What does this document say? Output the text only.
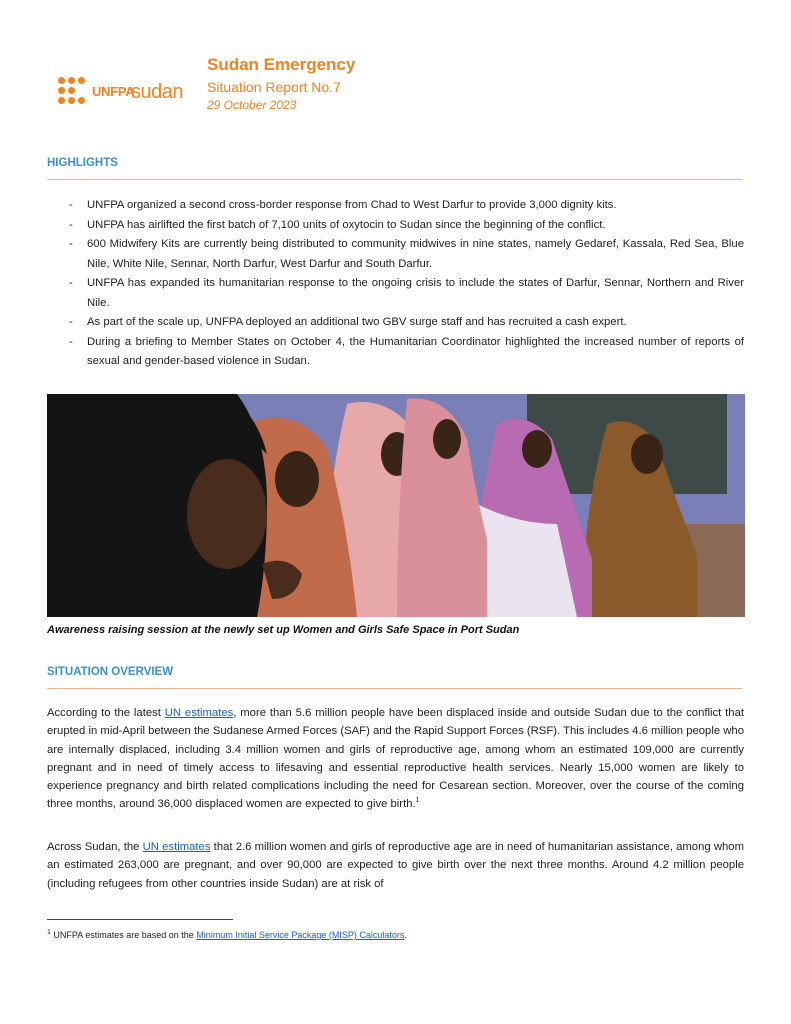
UNFPA
sudan

Sudan Emergency

Situation Report No.7

29 October 2023

HIGHLIGHTS
- UNFPA organized a second cross-border response from Chad to West Darfur to provide 3,000 dignity kits.
- UNFPA has airlifted the first batch of 7,100 units of oxytocin to Sudan since the beginning of the conflict.
- 600 Midwifery Kits are currently being distributed to community midwives in nine states, namely Gedaref, Kassala, Red Sea, Blue Nile, White Nile, Sennar, North Darfur, West Darfur and South Darfur.
- UNFPA has expanded its humanitarian response to the ongoing crisis to include the states of Darfur, Sennar, Northern and River Nile.
- As part of the scale up, UNFPA deployed an additional two GBV surge staff and has recruited a cash expert.
- During a briefing to Member States on October 4, the Humanitarian Coordinator highlighted the increased number of reports of sexual and gender-based violence in Sudan.
Awareness raising session at the newly set up Women and Girls Safe Space in Port Sudan
SITUATION OVERVIEW

According to the latest UN estimates, more than 5.6 million people have been displaced inside and outside Sudan due to the conflict that erupted in mid-April between the Sudanese Armed Forces (SAF) and the Rapid Support Forces (RSF). This includes 4.6 million people who are internally displaced, including 3.4 million women and girls of reproductive age, among whom an estimated 109,000 are currently pregnant and in need of timely access to lifesaving and essential reproductive health services. Nearly 15,000 women are likely to experience pregnancy and birth related complications including the need for Cesarean section. Moreover, over the course of the coming three months, around 36,000 displaced women are expected to give birth.$^1$

Across Sudan, the UN estimates that 2.6 million women and girls of reproductive age are in need of humanitarian assistance, among whom an estimated 263,000 are pregnant, and over 90,000 are expected to give birth over the next three months. Around 4.2 million people (including refugees from other countries inside Sudan) are at risk of

$^1$ UNFPA estimates are based on the Minimum Initial Service Package (MISP) Calculators.
